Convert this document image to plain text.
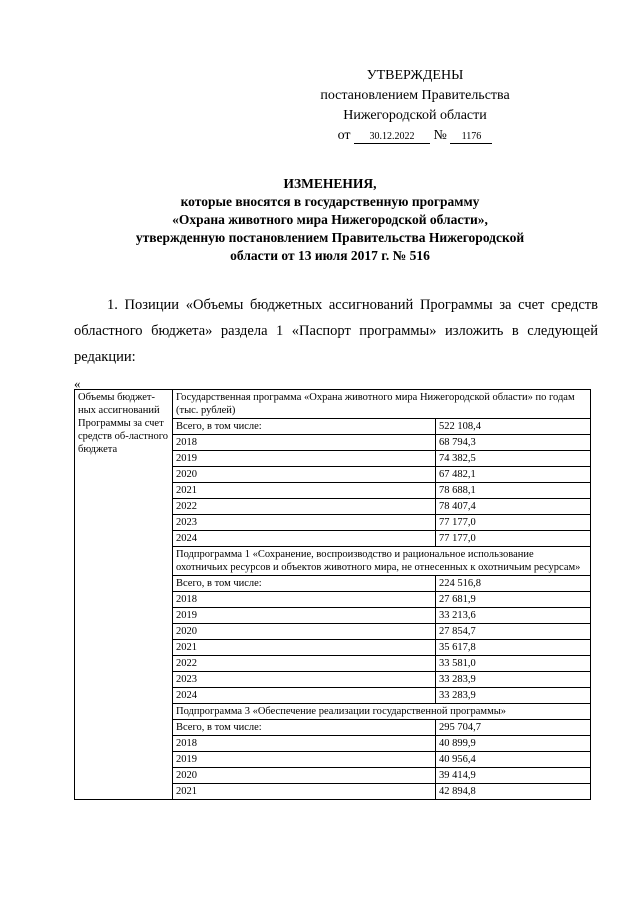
УТВЕРЖДЕНЫ
постановлением Правительства
Нижегородской области
от 30.12.2022 № 1176
ИЗМЕНЕНИЯ,
которые вносятся в государственную программу
«Охрана животного мира Нижегородской области»,
утвержденную постановлением Правительства Нижегородской
области от 13 июля 2017 г. № 516
1. Позиции «Объемы бюджетных ассигнований Программы за счет средств
областного бюджета» раздела 1 «Паспорт программы» изложить в следующей редакции:
«
Объемы бюджет-ных ассигнований Программы за счет средств об-ластного бюджета	Государственная программа «Охрана животного мира Нижегородской области» по годам (тыс. рублей)	
	Всего, в том числе:	522 108,4
	2018	68 794,3
	2019	74 382,5
	2020	67 482,1
	2021	78 688,1
	2022	78 407,4
	2023	77 177,0
	2024	77 177,0
	Подпрограмма 1 «Сохранение, воспроизводство и рациональное использование охотничьих ресурсов и объектов животного мира, не отнесенных к охотничьим ресурсам»	
	Всего, в том числе:	224 516,8
	2018	27 681,9
	2019	33 213,6
	2020	27 854,7
	2021	35 617,8
	2022	33 581,0
	2023	33 283,9
	2024	33 283,9
	Подпрограмма 3 «Обеспечение реализации государственной программы»	
	Всего, в том числе:	295 704,7
	2018	40 899,9
	2019	40 956,4
	2020	39 414,9
	2021	42 894,8
